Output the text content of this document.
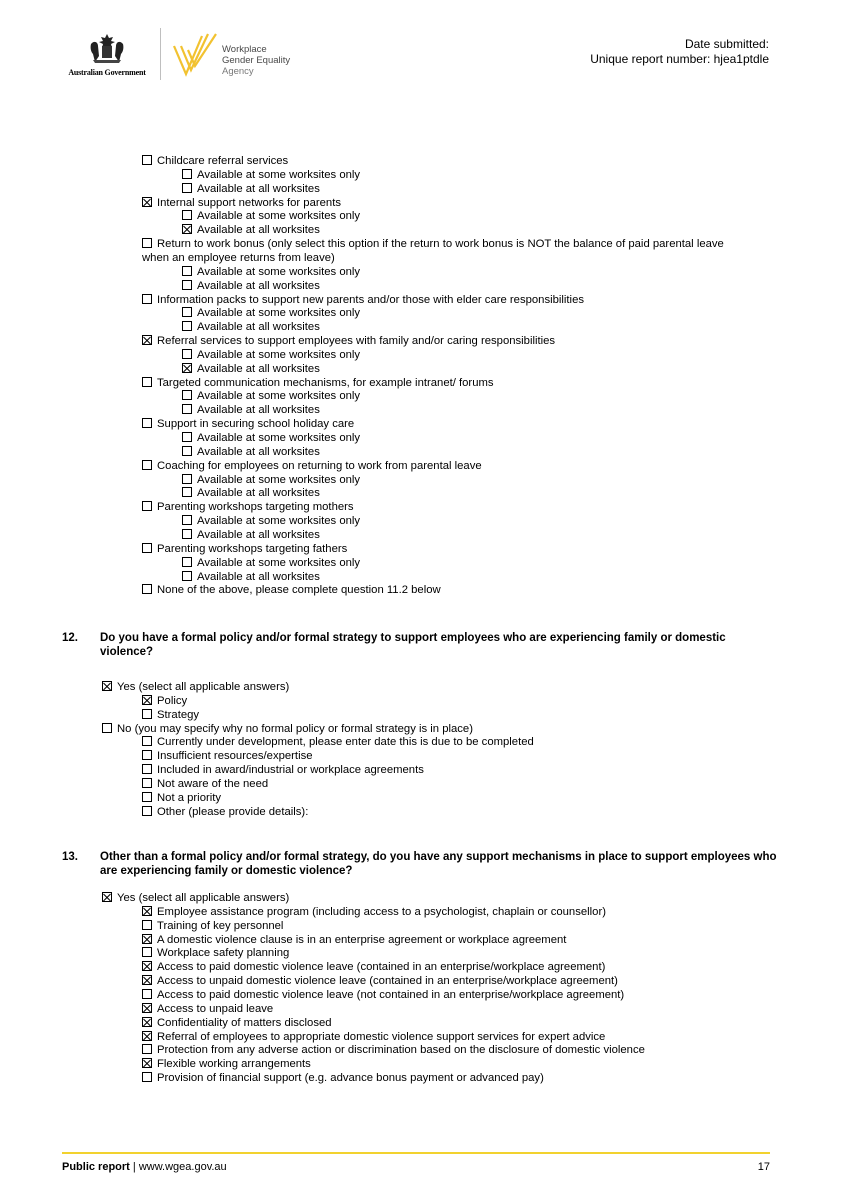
Australian Government
Workplace
Gender Equality
Agency
Date submitted:
Unique report number: hjea1ptdle
Childcare referral services
Available at some worksites only
Available at all worksites
Internal support networks for parents
Available at some worksites only
Available at all worksites
Return to work bonus (only select this option if the return to work bonus is NOT the balance of paid parental leave
when an employee returns from leave)
Available at some worksites only
Available at all worksites
Information packs to support new parents and/or those with elder care responsibilities
Available at some worksites only
Available at all worksites
Referral services to support employees with family and/or caring responsibilities
Available at some worksites only
Available at all worksites
Targeted communication mechanisms, for example intranet/ forums
Available at some worksites only
Available at all worksites
Support in securing school holiday care
Available at some worksites only
Available at all worksites
Coaching for employees on returning to work from parental leave
Available at some worksites only
Available at all worksites
Parenting workshops targeting mothers
Available at some worksites only
Available at all worksites
Parenting workshops targeting fathers
Available at some worksites only
Available at all worksites
None of the above, please complete question 11.2 below
12. Do you have a formal policy and/or formal strategy to support employees who are experiencing family or domestic violence?
Yes (select all applicable answers)
Policy
Strategy
No (you may specify why no formal policy or formal strategy is in place)
Currently under development, please enter date this is due to be completed
Insufficient resources/expertise
Included in award/industrial or workplace agreements
Not aware of the need
Not a priority
Other (please provide details):
13. Other than a formal policy and/or formal strategy, do you have any support mechanisms in place to support employees who are experiencing family or domestic violence?
Yes (select all applicable answers)
Employee assistance program (including access to a psychologist, chaplain or counsellor)
Training of key personnel
A domestic violence clause is in an enterprise agreement or workplace agreement
Workplace safety planning
Access to paid domestic violence leave (contained in an enterprise/workplace agreement)
Access to unpaid domestic violence leave (contained in an enterprise/workplace agreement)
Access to paid domestic violence leave (not contained in an enterprise/workplace agreement)
Access to unpaid leave
Confidentiality of matters disclosed
Referral of employees to appropriate domestic violence support services for expert advice
Protection from any adverse action or discrimination based on the disclosure of domestic violence
Flexible working arrangements
Provision of financial support (e.g. advance bonus payment or advanced pay)
Public report | www.wgea.gov.au	17
